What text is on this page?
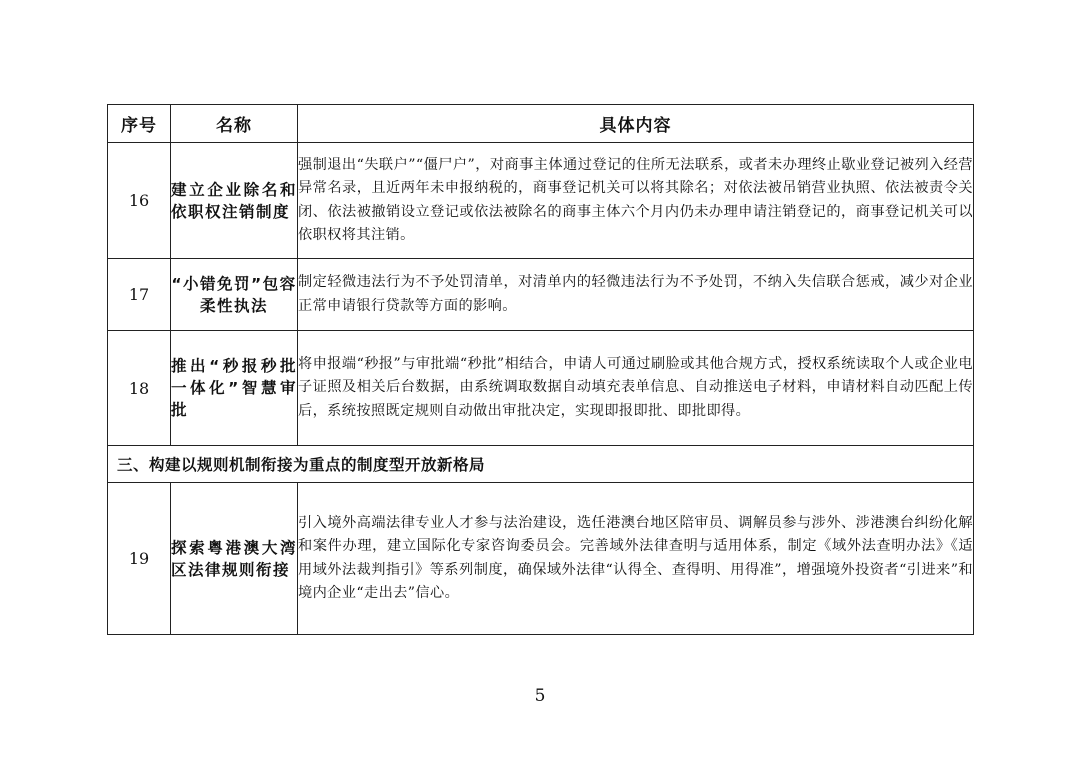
序号	名称	具体内容
16	建立企业除名和依职权注销制度	强制退出“失联户”“僵尸户”，对商事主体通过登记的住所无法联系，或者未办理终止歇业登记被列入经营异常名录，且近两年未申报纳税的，商事登记机关可以将其除名；对依法被吊销营业执照、依法被责令关闭、依法被撤销设立登记或依法被除名的商事主体六个月内仍未办理申请注销登记的，商事登记机关可以依职权将其注销。
17	“小错免罚”包容柔性执法	制定轻微违法行为不予处罚清单，对清单内的轻微违法行为不予处罚，不纳入失信联合惩戒，减少对企业正常申请银行贷款等方面的影响。
18	推出“秒报秒批一体化”智慧审批	将申报端“秒报”与审批端“秒批”相结合，申请人可通过刷脸或其他合规方式，授权系统读取个人或企业电子证照及相关后台数据，由系统调取数据自动填充表单信息、自动推送电子材料，申请材料自动匹配上传后，系统按照既定规则自动做出审批决定，实现即报即批、即批即得。
三、构建以规则机制衔接为重点的制度型开放新格局		
19	探索粤港澳大湾区法律规则衔接	引入境外高端法律专业人才参与法治建设，选任港澳台地区陪审员、调解员参与涉外、涉港澳台纠纷化解和案件办理，建立国际化专家咨询委员会。完善域外法律查明与适用体系，制定《域外法查明办法》《适用域外法裁判指引》等系列制度，确保域外法律“认得全、查得明、用得准”，增强境外投资者“引进来”和境内企业“走出去”信心。
5
